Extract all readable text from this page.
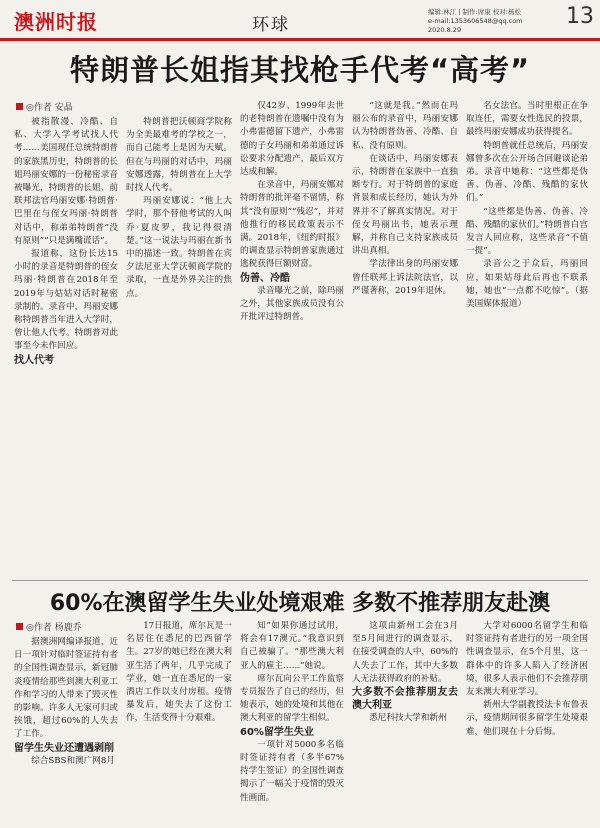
澳洲时报	环球
编辑:林江 | 制作:席康 校对:杨松
e-mail:1353606548@qq.com
2020.8.29
13
特朗普长姐指其找枪手代考“高考”
◎作者 安晶

被指散漫、冷酷、自私、大学入学考试找人代考……美国现任总统特朗普的家族黑历史，特朗普的长姐玛丽安娜的一份秘密录音被曝光，特朗普的长姐、前联邦法官玛丽安娜·特朗普·巴里在与侄女玛丽·特朗普对话中，称弟弟特朗普“没有原则”“只是满嘴谎话”。

报道称，这份长达15小时的录音是特朗普的侄女玛丽·特朗普在2018年至2019年与姑姑对话时秘密录制的。录音中，玛丽安娜称特朗普当年进入大学时，曾让他人代考。特朗普对此事至今未作回应。

找人代考

特朗普把沃顿商学院称为全美最难考的学校之一，而自己能考上是因为天赋。但在与玛丽的对话中，玛丽安娜透露，特朗普在上大学时找人代考。

玛丽安娜说：“他上大学时，那个替他考试的人叫乔·夏皮罗，我记得很清楚。”这一说法与玛丽在新书中的描述一致。特朗普在宾夕法尼亚大学沃顿商学院的录取，一直是外界关注的焦点。

仅42岁、1999年去世的老特朗普在遗嘱中没有为小弗雷德留下遗产，小弗雷德的子女玛丽和弟弟通过诉讼要求分配遗产，最后双方达成和解。

在录音中，玛丽安娜对特朗普的批评毫不留情，称其“没有原则”“残忍”，并对他推行的移民政策表示不满。2018年，《纽约时报》的调查显示特朗普家族通过逃税获得巨额财富。

伪善、冷酷

录音曝光之前，除玛丽之外，其他家族成员没有公开批评过特朗普。

“这就是我。”然而在玛丽公布的录音中，玛丽安娜认为特朗普伪善、冷酷、自私、没有原则。

在谈话中，玛丽安娜表示，特朗普在家族中一直独断专行。对于特朗普的家庭背景和成长经历，她认为外界并不了解真实情况。对于侄女玛丽出书，她表示理解，并称自己支持家族成员讲出真相。

学法律出身的玛丽安娜曾任联邦上诉法院法官，以严谨著称，2019年退休。

名女法官。当时里根正在争取连任，需要女性选民的投票，最终玛丽安娜成功获得提名。

特朗普就任总统后，玛丽安娜曾多次在公开场合回避谈论弟弟。录音中她称：“这些都是伪善、伪善、冷酷、残酷的家伙们。”

“这些都是伪善、伪善、冷酷、残酷的家伙们。”特朗普白宫发言人回应称，这些录音“不值一提”。

录音公之于众后，玛丽回应，如果姑母此后再也不联系她，她也“一点都不吃惊”。（据美国媒体报道）

60%在澳留学生失业处境艰难 多数不推荐朋友赴澳
◎作者 杨鹿乔

据澳洲网编译报道，近日一项针对临时签证持有者的全国性调查显示，新冠肺炎疫情给那些到澳大利亚工作和学习的人带来了毁灭性的影响。许多人无家可归或挨饿，超过60%的人失去了工作。

留学生失业还遭遇剥削

综合SBS和澳广网8月

17日报道，席尔瓦是一名居住在悉尼的巴西留学生。27岁的她已经在澳大利亚生活了两年，几乎完成了学业，她一直在悉尼的一家酒店工作以支付房租。疫情暴发后，她失去了这份工作，生活变得十分艰难。

知”如果你通过试用，将会有17澳元。”我意识到自己被骗了。“那些澳大利亚人的雇主……”她说。

席尔瓦向公平工作监察专员报告了自己的经历，但她表示，她的处境和其他在澳大利亚的留学生相似。

60%留学生失业

一项针对5000多名临时签证持有者（多半67%持学生签证）的全国性调查揭示了一幅关于疫情的毁灭性画面。

这项由新州工会在3月至5月间进行的调查显示，在接受调查的人中，60%的人失去了工作，其中大多数人无法获得政府的补贴。

大多数不会推荐朋友去澳大利亚

悉尼科技大学和新州

大学对6000名留学生和临时签证持有者进行的另一项全国性调查显示，在5个月里，这一群体中的许多人陷入了经济困境，很多人表示他们不会推荐朋友来澳大利亚学习。

新州大学副教授法卡布鲁表示，疫情期间很多留学生处境艰难，他们现在十分后悔。
